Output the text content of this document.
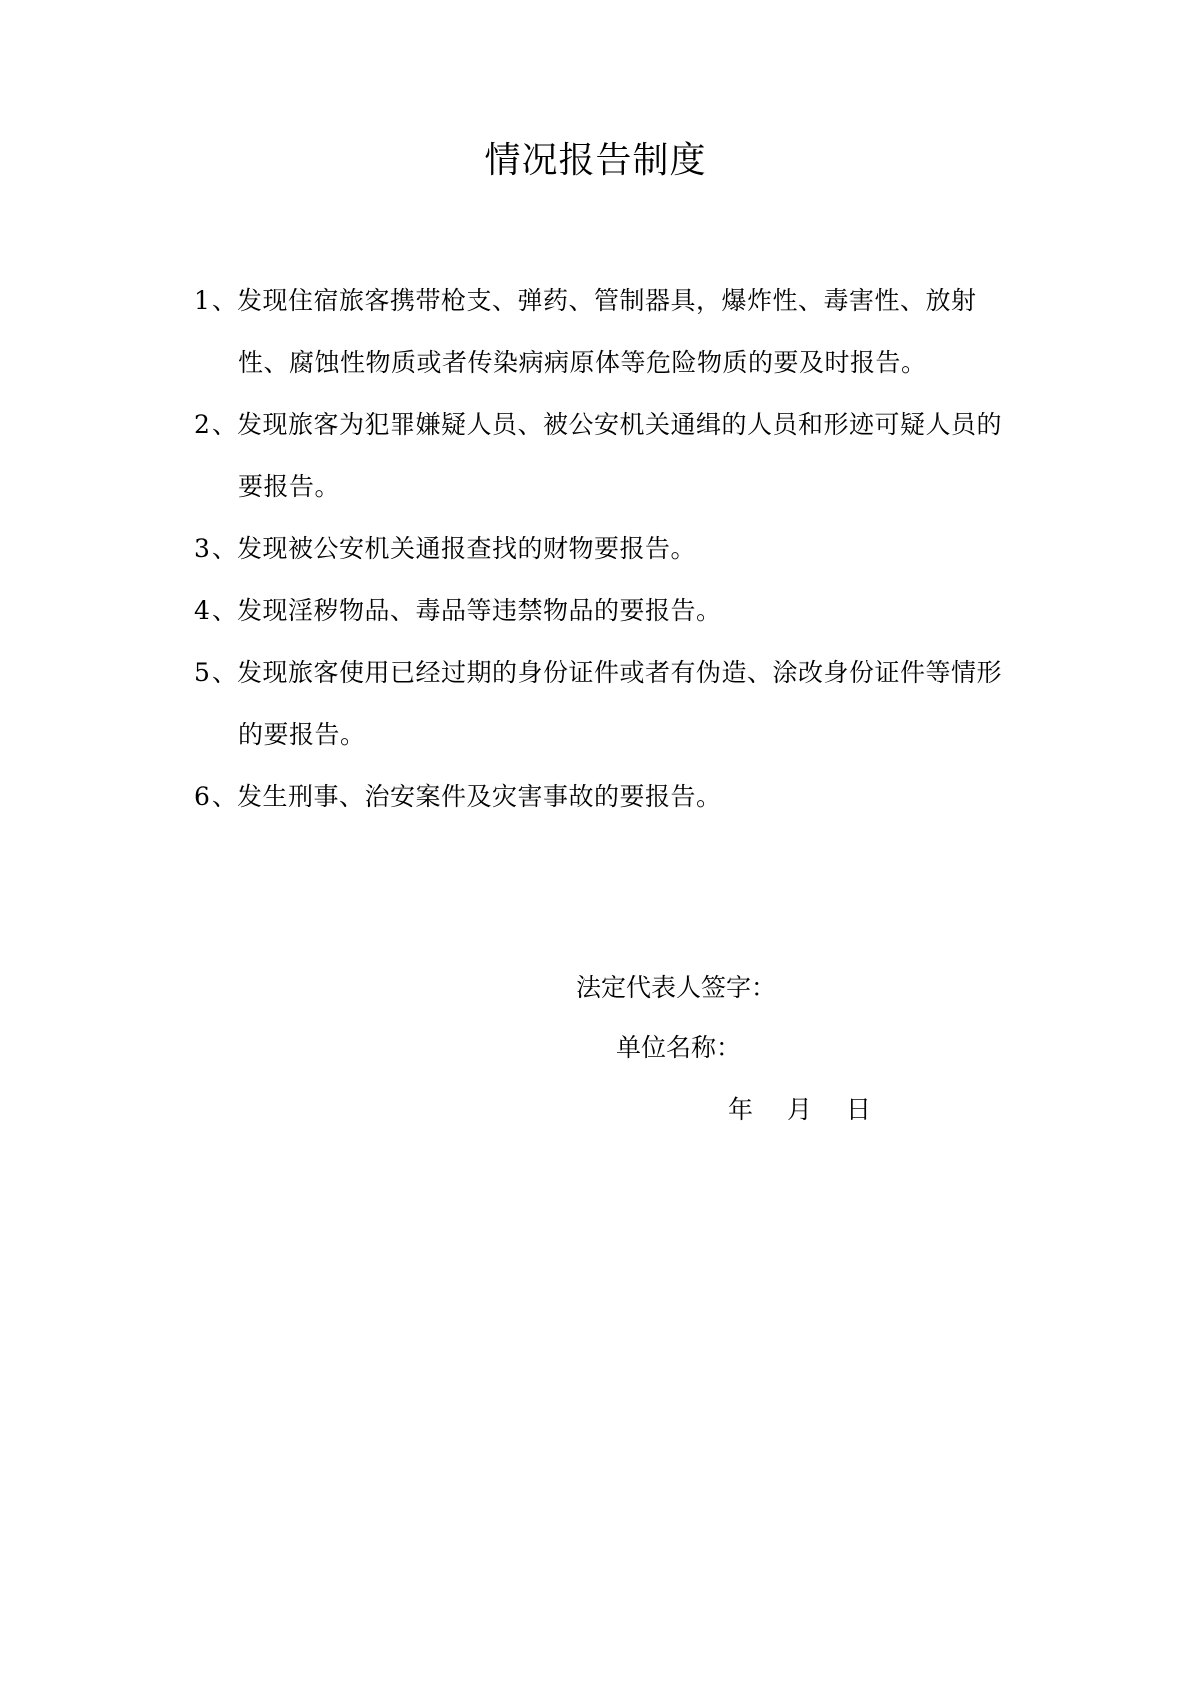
情况报告制度

1、发现住宿旅客携带枪支、弹药、管制器具，爆炸性、毒害性、放射性、腐蚀性物质或者传染病病原体等危险物质的要及时报告。

2、发现旅客为犯罪嫌疑人员、被公安机关通缉的人员和形迹可疑人员的要报告。

3、发现被公安机关通报查找的财物要报告。

4、发现淫秽物品、毒品等违禁物品的要报告。

5、发现旅客使用已经过期的身份证件或者有伪造、涂改身份证件等情形的要报告。

6、发生刑事、治安案件及灾害事故的要报告。

法定代表人签字：
单位名称：
年 月 日
